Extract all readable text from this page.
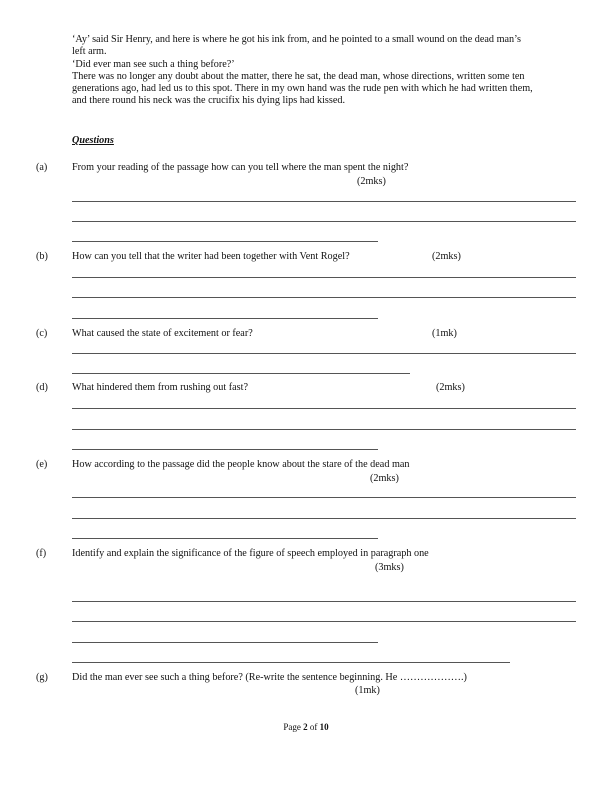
‘Ay’ said Sir Henry, and here is where he got his ink from, and he pointed to a small wound on the dead man’s
left arm.
‘Did ever man see such a thing before?’
There was no longer any doubt about the matter, there he sat, the dead man, whose directions, written some ten
generations ago, had led us to this spot. There in my own hand was the rude pen with which he had written them,
and there round his neck was the crucifix his dying lips had kissed.
Questions
(a) From your reading of the passage how can you tell where the man spent the night?
(2mks)
(b) How can you tell that the writer had been together with Vent Rogel?	(2mks)
(c) What caused the state of excitement or fear?	(1mk)
(d) What hindered them from rushing out fast?	(2mks)
(e) How according to the passage did the people know about the stare of the dead man
(2mks)
(f)	Identify and explain the significance of the figure of speech employed in paragraph one
(3mks)
(g) Did the man ever see such a thing before? (Re-write the sentence beginning. He ……………….)
(1mk)
Page 2 of 10
